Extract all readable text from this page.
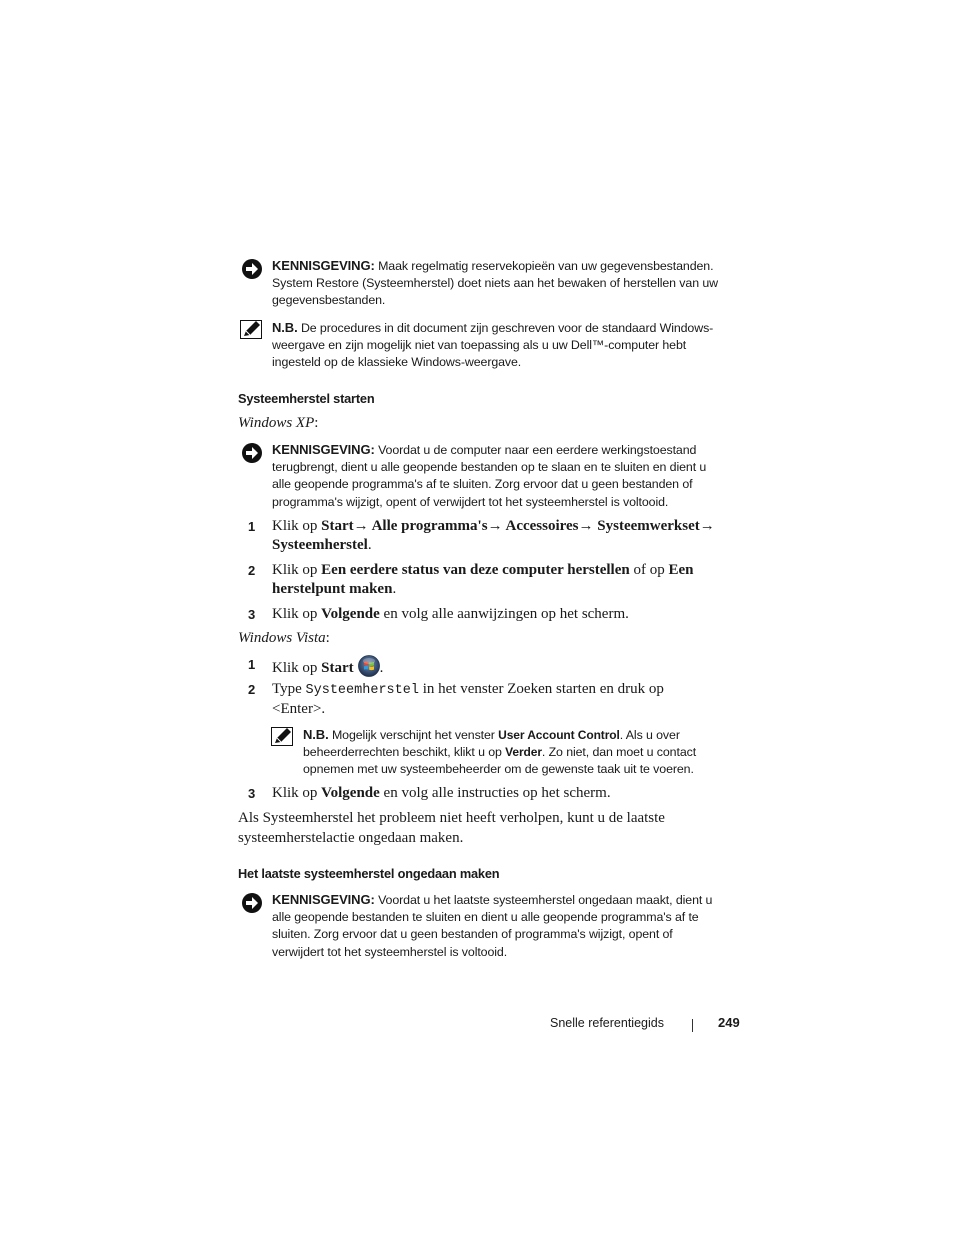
KENNISGEVING: Maak regelmatig reservekopieën van uw gegevensbestanden.
System Restore (Systeemherstel) doet niets aan het bewaken of herstellen van uw
gegevensbestanden.
N.B. De procedures in dit document zijn geschreven voor de standaard Windows-
weergave en zijn mogelijk niet van toepassing als u uw Dell™-computer hebt
ingesteld op de klassieke Windows-weergave.
Systeemherstel starten
Windows XP:
KENNISGEVING: Voordat u de computer naar een eerdere werkingstoestand
terugbrengt, dient u alle geopende bestanden op te slaan en te sluiten en dient u
alle geopende programma's af te sluiten. Zorg ervoor dat u geen bestanden of
programma's wijzigt, opent of verwijdert tot het systeemherstel is voltooid.
1 Klik op Start→ Alle programma's→ Accessoires→ Systeemwerkset→
Systeemherstel.
2 Klik op Een eerdere status van deze computer herstellen of op Een
herstelpunt maken.
3 Klik op Volgende en volg alle aanwijzingen op het scherm.
Windows Vista:
1 Klik op Start .
2 Type Systeemherstel in het venster Zoeken starten en druk op
<Enter>.
N.B. Mogelijk verschijnt het venster User Account Control. Als u over
beheerderrechten beschikt, klikt u op Verder. Zo niet, dan moet u contact
opnemen met uw systeembeheerder om de gewenste taak uit te voeren.
3 Klik op Volgende en volg alle instructies op het scherm.
Als Systeemherstel het probleem niet heeft verholpen, kunt u de laatste
systeemherstelactie ongedaan maken.
Het laatste systeemherstel ongedaan maken
KENNISGEVING: Voordat u het laatste systeemherstel ongedaan maakt, dient u
alle geopende bestanden te sluiten en dient u alle geopende programma's af te
sluiten. Zorg ervoor dat u geen bestanden of programma's wijzigt, opent of
verwijdert tot het systeemherstel is voltooid.
Snelle referentiegids	249
